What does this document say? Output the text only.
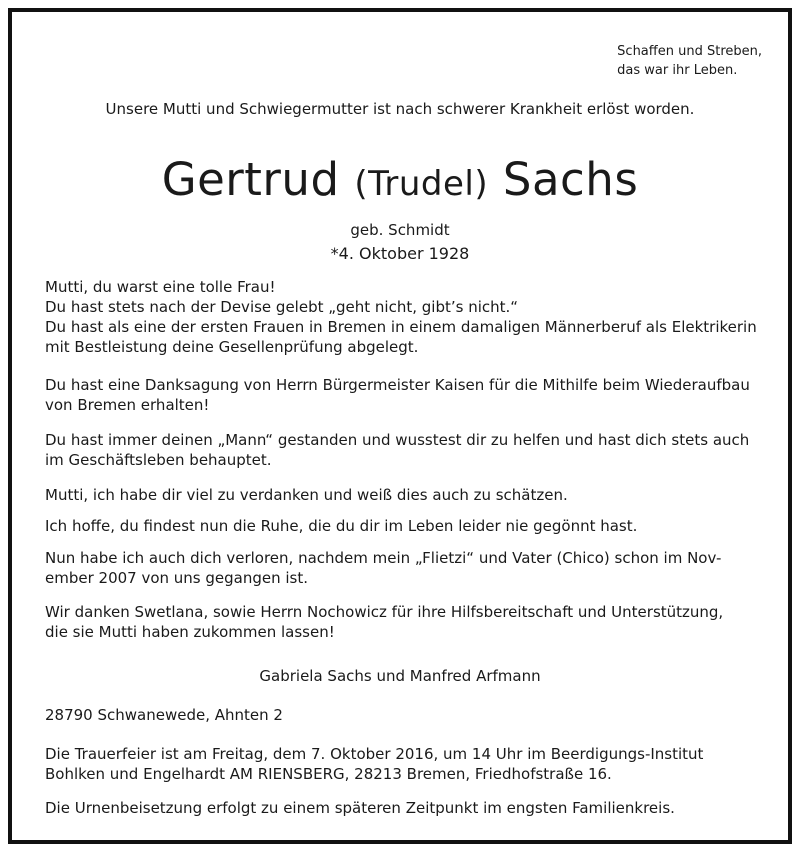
Schaffen und Streben,
das war ihr Leben.
Unsere Mutti und Schwiegermutter ist nach schwerer Krankheit erlöst worden.
Gertrud (Trudel) Sachs
geb. Schmidt
*4. Oktober 1928
Mutti, du warst eine tolle Frau!
Du hast stets nach der Devise gelebt „geht nicht, gibt’s nicht.“
Du hast als eine der ersten Frauen in Bremen in einem damaligen Männerberuf als Elektrikerin
mit Bestleistung deine Gesellenprüfung abgelegt.
Du hast eine Danksagung von Herrn Bürgermeister Kaisen für die Mithilfe beim Wiederaufbau
von Bremen erhalten!
Du hast immer deinen „Mann“ gestanden und wusstest dir zu helfen und hast dich stets auch
im Geschäftsleben behauptet.
Mutti, ich habe dir viel zu verdanken und weiß dies auch zu schätzen.
Ich hoffe, du findest nun die Ruhe, die du dir im Leben leider nie gegönnt hast.
Nun habe ich auch dich verloren, nachdem mein „Flietzi“ und Vater (Chico) schon im Nov-
ember 2007 von uns gegangen ist.
Wir danken Swetlana, sowie Herrn Nochowicz für ihre Hilfsbereitschaft und Unterstützung,
die sie Mutti haben zukommen lassen!
Gabriela Sachs und Manfred Arfmann
28790 Schwanewede, Ahnten 2
Die Trauerfeier ist am Freitag, dem 7. Oktober 2016, um 14 Uhr im Beerdigungs-Institut
Bohlken und Engelhardt AM RIENSBERG, 28213 Bremen, Friedhofstraße 16.
Die Urnenbeisetzung erfolgt zu einem späteren Zeitpunkt im engsten Familienkreis.
